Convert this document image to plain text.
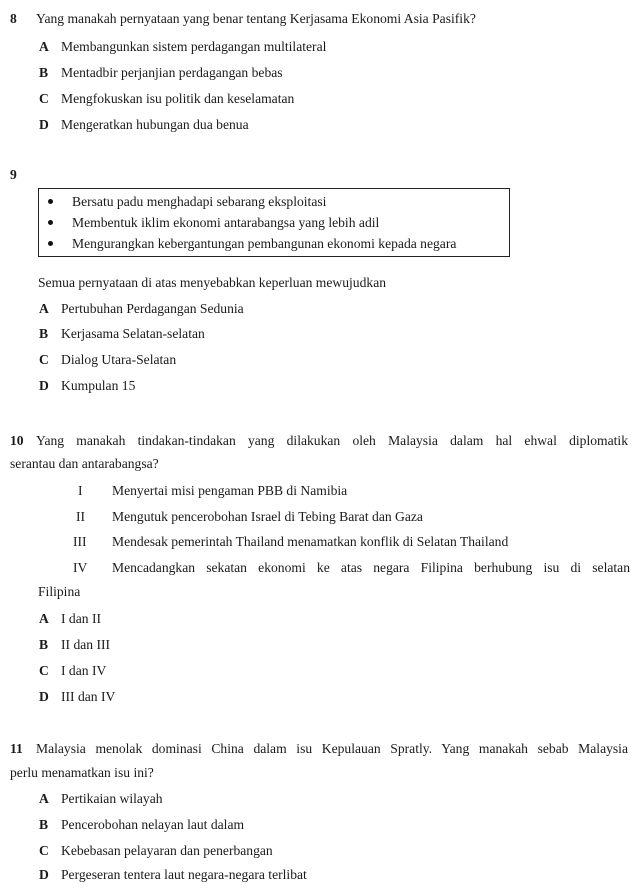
8 Yang manakah pernyataan yang benar tentang Kerjasama Ekonomi Asia Pasifik?
A Membangunkan sistem perdagangan multilateral
B Mentadbir perjanjian perdagangan bebas
C Mengfokuskan isu politik dan keselamatan
D Mengeratkan hubungan dua benua
9
Bersatu padu menghadapi sebarang eksploitasi
Membentuk iklim ekonomi antarabangsa yang lebih adil
Mengurangkan kebergantungan pembangunan ekonomi kepada negara
Semua pernyataan di atas menyebabkan keperluan mewujudkan
A Pertubuhan Perdagangan Sedunia
B Kerjasama Selatan-selatan
C Dialog Utara-Selatan
D Kumpulan 15
10 Yang manakah tindakan-tindakan yang dilakukan oleh Malaysia dalam hal ehwal diplomatik
serantau dan antarabangsa?
I Menyertai misi pengaman PBB di Namibia
II Mengutuk pencerobohan Israel di Tebing Barat dan Gaza
III Mendesak pemerintah Thailand menamatkan konflik di Selatan Thailand
IV Mencadangkan sekatan ekonomi ke atas negara Filipina berhubung isu di selatan
Filipina
A I dan II
B II dan III
C I dan IV
D III dan IV
11 Malaysia menolak dominasi China dalam isu Kepulauan Spratly. Yang manakah sebab Malaysia
perlu menamatkan isu ini?
A Pertikaian wilayah
B Pencerobohan nelayan laut dalam
C Kebebasan pelayaran dan penerbangan
D Pergeseran tentera laut negara-negara terlibat
